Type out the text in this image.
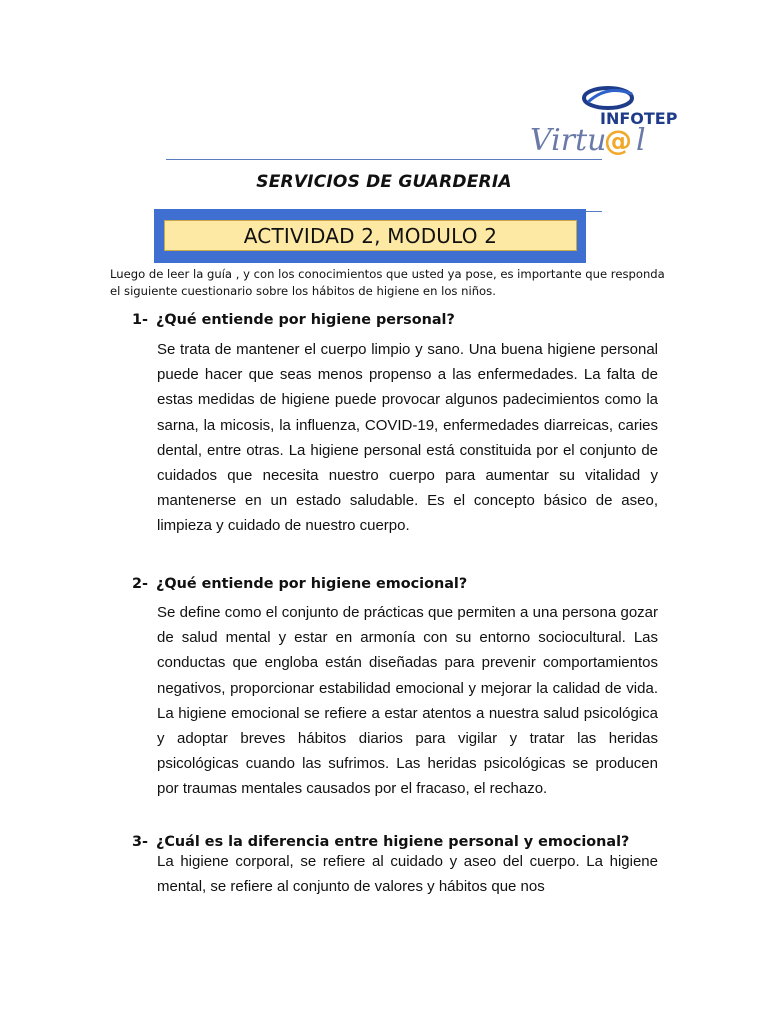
INFOTEP
Virtu
@ l
SERVICIOS DE GUARDERIA
ACTIVIDAD 2, MODULO 2
Luego de leer la guía , y con los conocimientos que usted ya pose, es importante que responda el siguiente cuestionario sobre los hábitos de higiene en los niños.
1- ¿Qué entiende por higiene personal?
Se trata de mantener el cuerpo limpio y sano. Una buena higiene personal puede hacer que seas menos propenso a las enfermedades. La falta de estas medidas de higiene puede provocar algunos padecimientos como la sarna, la micosis, la influenza, COVID-19, enfermedades diarreicas, caries dental, entre otras. La higiene personal está constituida por el conjunto de cuidados que necesita nuestro cuerpo para aumentar su vitalidad y mantenerse en un estado saludable. Es el concepto básico de aseo, limpieza y cuidado de nuestro cuerpo.
2- ¿Qué entiende por higiene emocional?
Se define como el conjunto de prácticas que permiten a una persona gozar de salud mental y estar en armonía con su entorno sociocultural. Las conductas que engloba están diseñadas para prevenir comportamientos negativos, proporcionar estabilidad emocional y mejorar la calidad de vida. La higiene emocional se refiere a estar atentos a nuestra salud psicológica y adoptar breves hábitos diarios para vigilar y tratar las heridas psicológicas cuando las sufrimos. Las heridas psicológicas se producen por traumas mentales causados por el fracaso, el rechazo.
3- ¿Cuál es la diferencia entre higiene personal y emocional?
La higiene corporal, se refiere al cuidado y aseo del cuerpo. La higiene mental, se refiere al conjunto de valores y hábitos que nos
